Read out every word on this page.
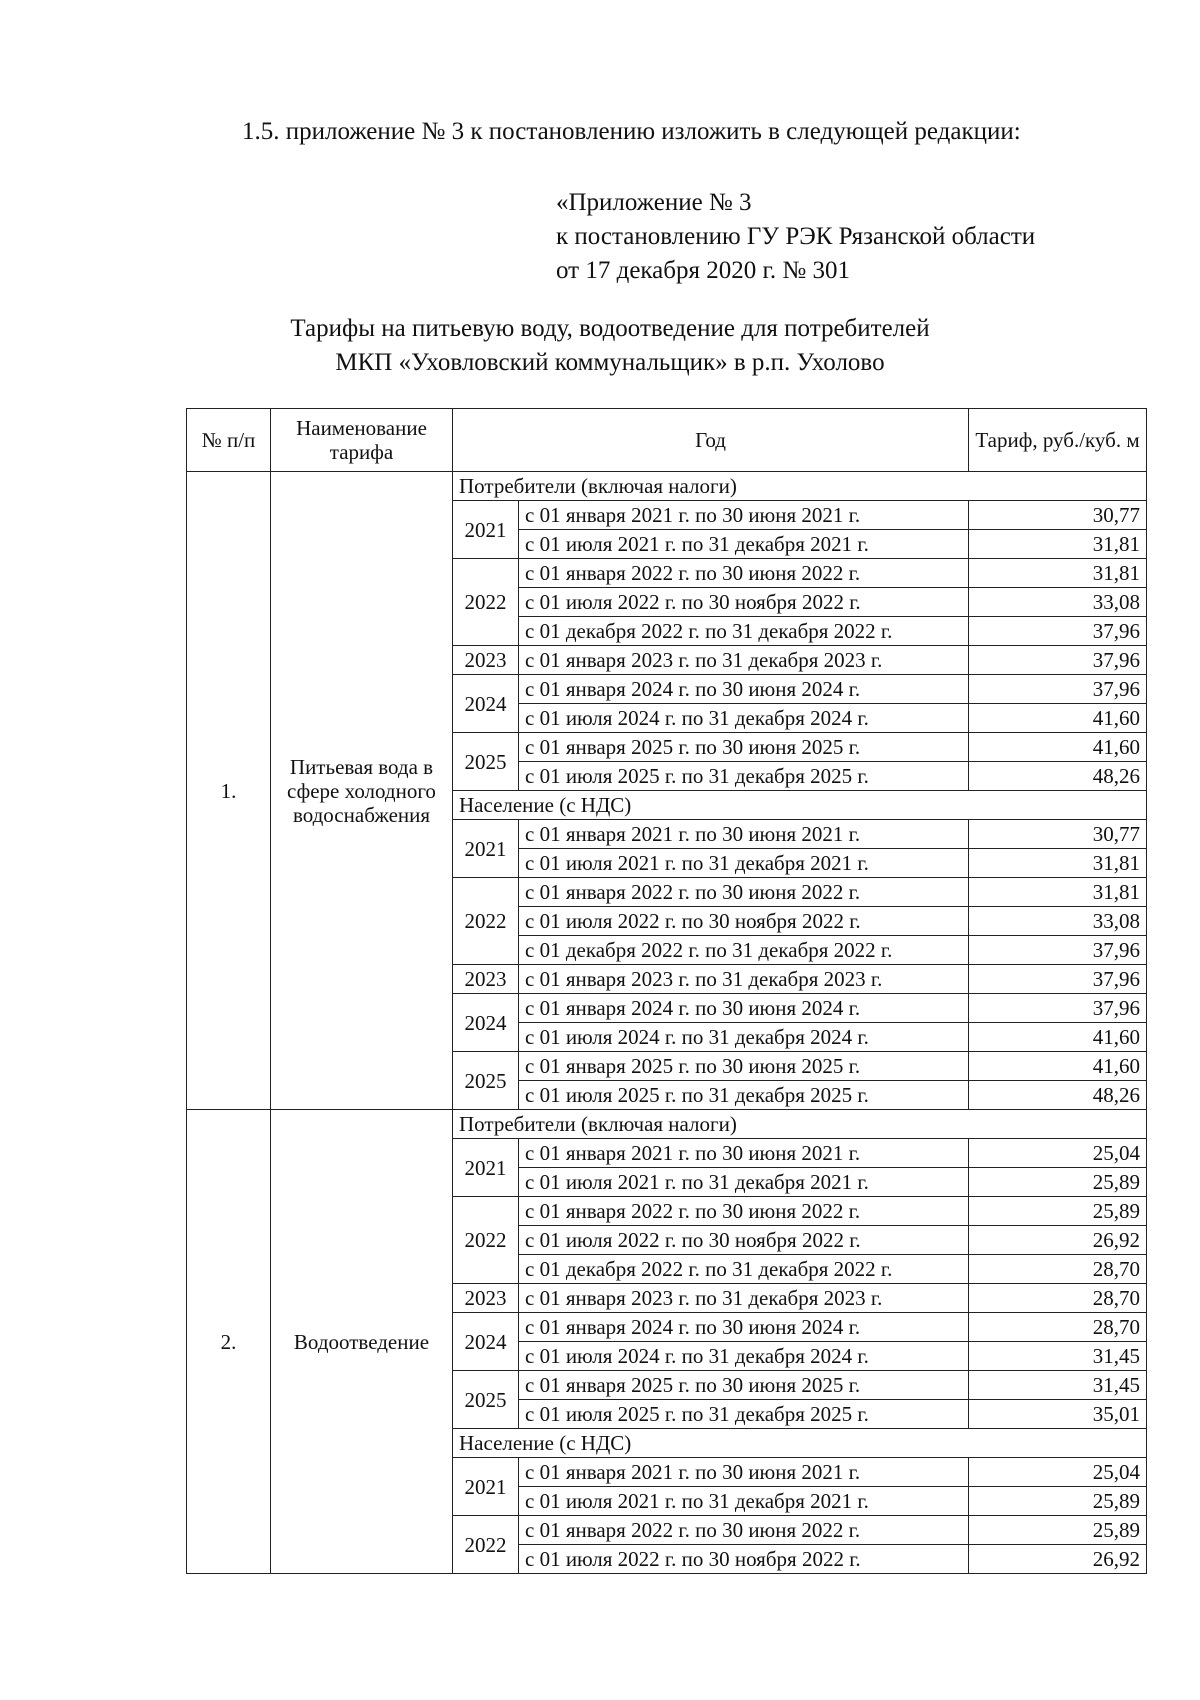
1.5. приложение № 3 к постановлению изложить в следующей редакции:
«Приложение № 3
к постановлению ГУ РЭК Рязанской области
от 17 декабря 2020 г. № 301
Тарифы на питьевую воду, водоотведение для потребителей
МКП «Уховловский коммунальщик» в р.п. Ухолово
№ п/п	Наименование тарифа	Год		Тариф, руб./куб. м
1.	Питьевая вода в сфере холодного водоснабжения	Потребители (включая налоги)		
		2021	с 01 января 2021 г. по 30 июня 2021 г.	30,77
			с 01 июля 2021 г. по 31 декабря 2021 г.	31,81
		2022	с 01 января 2022 г. по 30 июня 2022 г.	31,81
			с 01 июля 2022 г. по 30 ноября 2022 г.	33,08
			с 01 декабря 2022 г. по 31 декабря 2022 г.	37,96
		2023	с 01 января 2023 г. по 31 декабря 2023 г.	37,96
		2024	с 01 января 2024 г. по 30 июня 2024 г.	37,96
			с 01 июля 2024 г. по 31 декабря 2024 г.	41,60
		2025	с 01 января 2025 г. по 30 июня 2025 г.	41,60
			с 01 июля 2025 г. по 31 декабря 2025 г.	48,26
		Население (с НДС)		
		2021	с 01 января 2021 г. по 30 июня 2021 г.	30,77
			с 01 июля 2021 г. по 31 декабря 2021 г.	31,81
		2022	с 01 января 2022 г. по 30 июня 2022 г.	31,81
			с 01 июля 2022 г. по 30 ноября 2022 г.	33,08
			с 01 декабря 2022 г. по 31 декабря 2022 г.	37,96
		2023	с 01 января 2023 г. по 31 декабря 2023 г.	37,96
		2024	с 01 января 2024 г. по 30 июня 2024 г.	37,96
			с 01 июля 2024 г. по 31 декабря 2024 г.	41,60
		2025	с 01 января 2025 г. по 30 июня 2025 г.	41,60
			с 01 июля 2025 г. по 31 декабря 2025 г.	48,26
2.	Водоотведение	Потребители (включая налоги)		
		2021	с 01 января 2021 г. по 30 июня 2021 г.	25,04
			с 01 июля 2021 г. по 31 декабря 2021 г.	25,89
		2022	с 01 января 2022 г. по 30 июня 2022 г.	25,89
			с 01 июля 2022 г. по 30 ноября 2022 г.	26,92
			с 01 декабря 2022 г. по 31 декабря 2022 г.	28,70
		2023	с 01 января 2023 г. по 31 декабря 2023 г.	28,70
		2024	с 01 января 2024 г. по 30 июня 2024 г.	28,70
			с 01 июля 2024 г. по 31 декабря 2024 г.	31,45
		2025	с 01 января 2025 г. по 30 июня 2025 г.	31,45
			с 01 июля 2025 г. по 31 декабря 2025 г.	35,01
		Население (с НДС)		
		2021	с 01 января 2021 г. по 30 июня 2021 г.	25,04
			с 01 июля 2021 г. по 31 декабря 2021 г.	25,89
		2022	с 01 января 2022 г. по 30 июня 2022 г.	25,89
			с 01 июля 2022 г. по 30 ноября 2022 г.	26,92
